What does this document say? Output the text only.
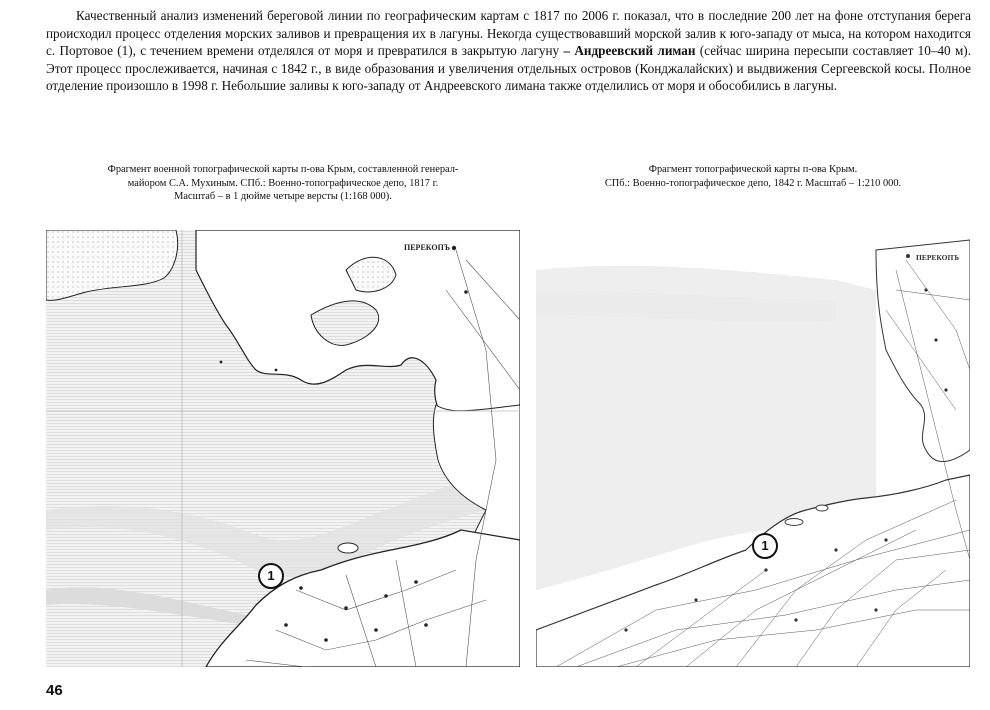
Качественный анализ изменений береговой линии по географическим картам с 1817 по 2006 г. показал, что в последние 200 лет на фоне отступания берега происходил процесс отделения морских заливов и превращения их в лагуны. Некогда существовавший морской залив к юго-западу от мыса, на котором находится с. Портовое (1), с течением времени отделялся от моря и превратился в закрытую лагуну – Андреевский лиман (сейчас ширина пересыпи составляет 10–40 м). Этот процесс прослеживается, начиная с 1842 г., в виде образования и увеличения отдельных островов (Конджалайских) и выдвижения Сергеевской косы. Полное отделение произошло в 1998 г. Небольшие заливы к юго-западу от Андреевского лимана также отделились от моря и обособились в лагуны.

Фрагмент военной топографической карты п-ова Крым, составленной генерал-
майором С.А. Мухиным. СПб.: Военно-топографическое депо, 1817 г.
Масштаб – в 1 дюйме четыре версты (1:168 000).
Фрагмент топографической карты п-ова Крым.
СПб.: Военно-топографическое депо, 1842 г. Масштаб – 1:210 000.
ПЕРЕКОПЪ
1
ПЕРЕКОПЪ
1

46
